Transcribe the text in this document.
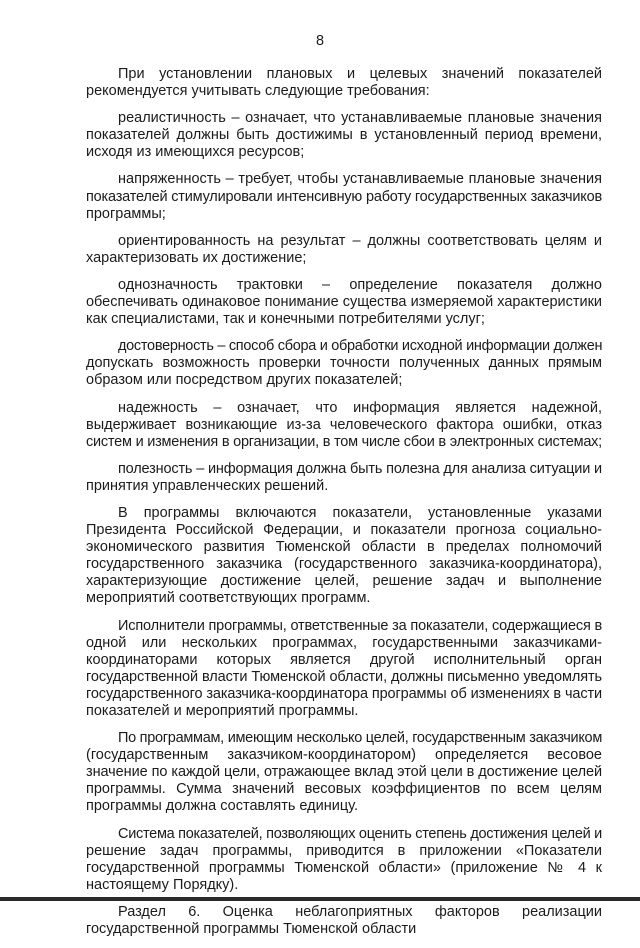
8
При установлении плановых и целевых значений показателей
рекомендуется учитывать следующие требования:
реалистичность – означает, что устанавливаемые плановые значения
показателей должны быть достижимы в установленный период времени,
исходя из имеющихся ресурсов;
напряженность – требует, чтобы устанавливаемые плановые значения
показателей стимулировали интенсивную работу государственных заказчиков
программы;
ориентированность на результат – должны соответствовать целям и
характеризовать их достижение;
однозначность трактовки – определение показателя должно
обеспечивать одинаковое понимание существа измеряемой характеристики
как специалистами, так и конечными потребителями услуг;
достоверность – способ сбора и обработки исходной информации должен
допускать возможность проверки точности полученных данных прямым
образом или посредством других показателей;
надежность – означает, что информация является надежной,
выдерживает возникающие из-за человеческого фактора ошибки, отказ
систем и изменения в организации, в том числе сбои в электронных системах;
полезность – информация должна быть полезна для анализа ситуации и
принятия управленческих решений.
В программы включаются показатели, установленные указами
Президента Российской Федерации, и показатели прогноза социально-
экономического развития Тюменской области в пределах полномочий
государственного заказчика (государственного заказчика-координатора),
характеризующие достижение целей, решение задач и выполнение
мероприятий соответствующих программ.
Исполнители программы, ответственные за показатели, содержащиеся в
одной или нескольких программах, государственными заказчиками-
координаторами которых является другой исполнительный орган
государственной власти Тюменской области, должны письменно уведомлять
государственного заказчика-координатора программы об изменениях в части
показателей и мероприятий программы.
По программам, имеющим несколько целей, государственным заказчиком
(государственным заказчиком-координатором) определяется весовое
значение по каждой цели, отражающее вклад этой цели в достижение целей
программы. Сумма значений весовых коэффициентов по всем целям
программы должна составлять единицу.
Система показателей, позволяющих оценить степень достижения целей и
решение задач программы, приводится в приложении «Показатели
государственной программы Тюменской области» (приложение № 4 к
настоящему Порядку).
Раздел 6. Оценка неблагоприятных факторов реализации
государственной программы Тюменской области
